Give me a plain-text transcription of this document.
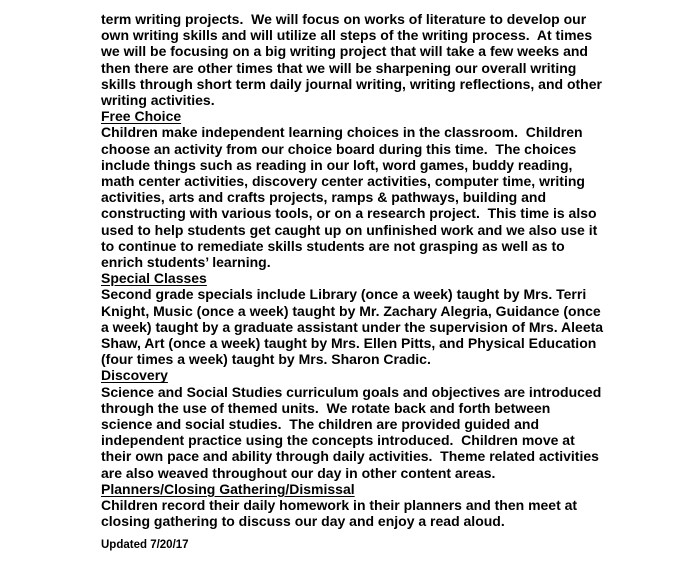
term writing projects.  We will focus on works of literature to develop our
own writing skills and will utilize all steps of the writing process.  At times
we will be focusing on a big writing project that will take a few weeks and
then there are other times that we will be sharpening our overall writing
skills through short term daily journal writing, writing reflections, and other
writing activities.
Free Choice
Children make independent learning choices in the classroom.  Children
choose an activity from our choice board during this time.  The choices
include things such as reading in our loft, word games, buddy reading,
math center activities, discovery center activities, computer time, writing
activities, arts and crafts projects, ramps & pathways, building and
constructing with various tools, or on a research project.  This time is also
used to help students get caught up on unfinished work and we also use it
to continue to remediate skills students are not grasping as well as to
enrich students’ learning.
Special Classes
Second grade specials include Library (once a week) taught by Mrs. Terri
Knight, Music (once a week) taught by Mr. Zachary Alegria, Guidance (once
a week) taught by a graduate assistant under the supervision of Mrs. Aleeta
Shaw, Art (once a week) taught by Mrs. Ellen Pitts, and Physical Education
(four times a week) taught by Mrs. Sharon Cradic.
Discovery
Science and Social Studies curriculum goals and objectives are introduced
through the use of themed units.  We rotate back and forth between
science and social studies.  The children are provided guided and
independent practice using the concepts introduced.  Children move at
their own pace and ability through daily activities.  Theme related activities
are also weaved throughout our day in other content areas.
Planners/Closing Gathering/Dismissal
Children record their daily homework in their planners and then meet at
closing gathering to discuss our day and enjoy a read aloud.
Updated 7/20/17
